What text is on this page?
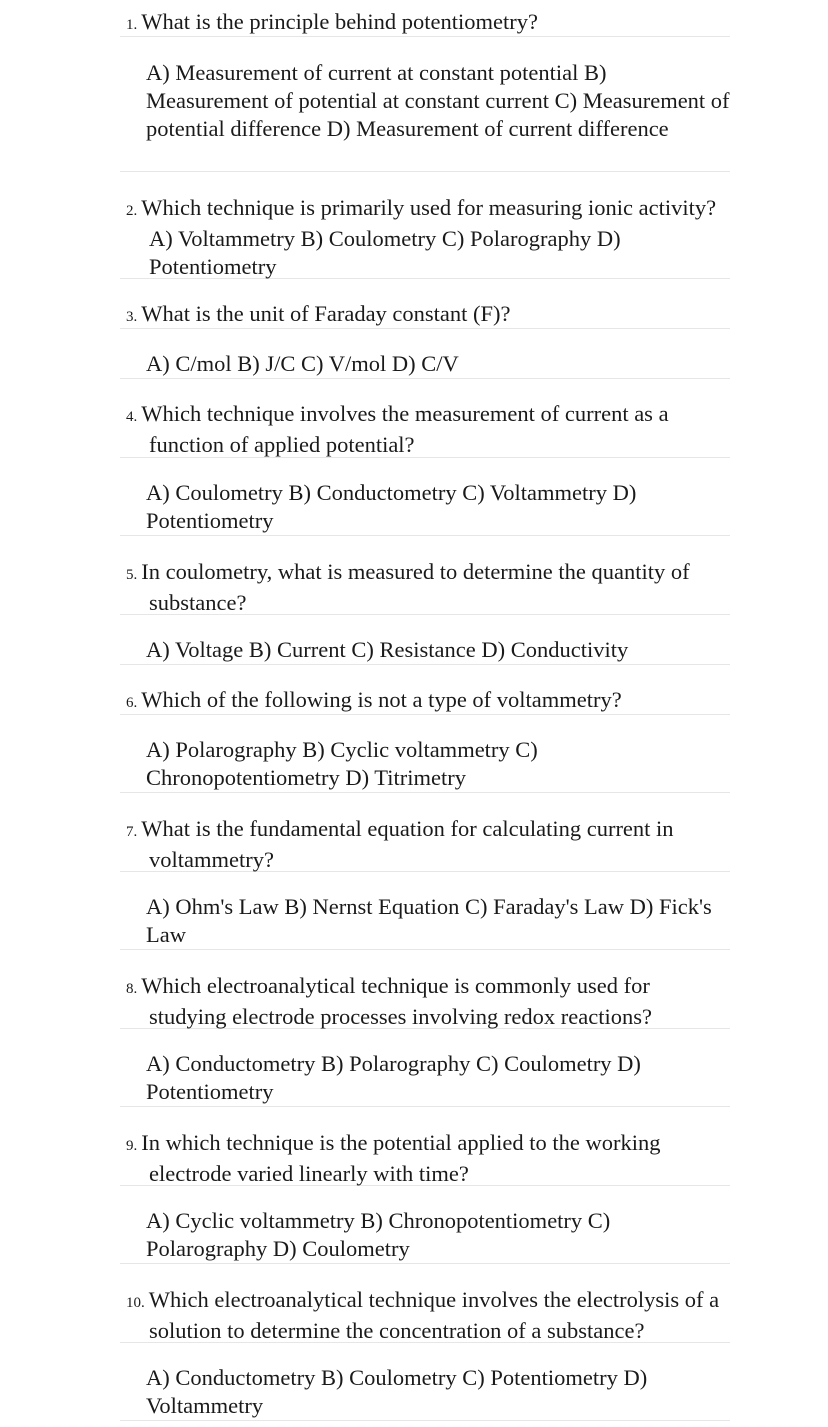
1. What is the principle behind potentiometry?
A) Measurement of current at constant potential B) Measurement of potential at constant current C) Measurement of potential difference D) Measurement of current difference
2. Which technique is primarily used for measuring ionic activity? A) Voltammetry B) Coulometry C) Polarography D) Potentiometry
3. What is the unit of Faraday constant (F)?
A) C/mol B) J/C C) V/mol D) C/V
4. Which technique involves the measurement of current as a function of applied potential?
A) Coulometry B) Conductometry C) Voltammetry D) Potentiometry
5. In coulometry, what is measured to determine the quantity of substance?
A) Voltage B) Current C) Resistance D) Conductivity
6. Which of the following is not a type of voltammetry?
A) Polarography B) Cyclic voltammetry C) Chronopotentiometry D) Titrimetry
7. What is the fundamental equation for calculating current in voltammetry?
A) Ohm's Law B) Nernst Equation C) Faraday's Law D) Fick's Law
8. Which electroanalytical technique is commonly used for studying electrode processes involving redox reactions?
A) Conductometry B) Polarography C) Coulometry D) Potentiometry
9. In which technique is the potential applied to the working electrode varied linearly with time?
A) Cyclic voltammetry B) Chronopotentiometry C) Polarography D) Coulometry
10. Which electroanalytical technique involves the electrolysis of a solution to determine the concentration of a substance?
A) Conductometry B) Coulometry C) Potentiometry D) Voltammetry
